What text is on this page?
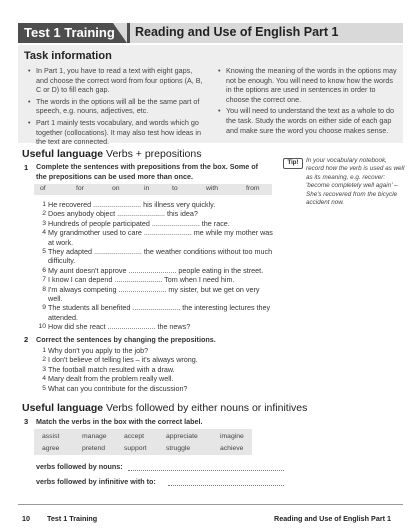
Test 1 Training Reading and Use of English Part 1
Task information
• In Part 1, you have to read a text with eight gaps, and choose the correct word from four options (A, B, C or D) to fill each gap.
• The words in the options will all be the same part of speech, e.g. nouns, adjectives, etc.
• Part 1 mainly tests vocabulary, and words which go together (collocations). It may also test how ideas in the text are connected.
• Knowing the meaning of the words in the options may not be enough. You will need to know how the words in the options are used in sentences in order to choose the correct one.
• You will need to understand the text as a whole to do the task. Study the words on either side of each gap and make sure the word you choose makes sense.
Useful language Verbs + prepositions
1 Complete the sentences with prepositions from the box. Some of the prepositions can be used more than once.
of	for	on	in	to	with	from
1 He recovered ........................ his illness very quickly.
2 Does anybody object ........................ this idea?
3 Hundreds of people participated ........................ the race.
4 My grandmother used to care ........................ me while my mother was at work.
5 They adapted ........................ the weather conditions without too much difficulty.
6 My aunt doesn't approve ........................ people eating in the street.
7 I know I can depend ........................ Tom when I need him.
8 I'm always competing ........................ my sister, but we get on very well.
9 The students all benefited ........................ the interesting lectures they attended.
10 How did she react ........................ the news?
Tip!	In your vocabulary notebook, record how the verb is used as well as its meaning, e.g. recover: 'become completely well again' – She's recovered from the bicycle accident now.
2 Correct the sentences by changing the prepositions.
1 Why don't you apply to the job?
2 I don't believe of telling lies – it's always wrong.
3 The football match resulted with a draw.
4 Mary dealt from the problem really well.
5 What can you contribute for the discussion?
Useful language Verbs followed by either nouns or infinitives
3 Match the verbs in the box with the correct label.
assist	manage	accept	appreciate	imagine
agree	pretend	support	struggle	achieve
verbs followed by nouns:
verbs followed by infinitive with to:
10 Test 1 Training	Reading and Use of English Part 1
